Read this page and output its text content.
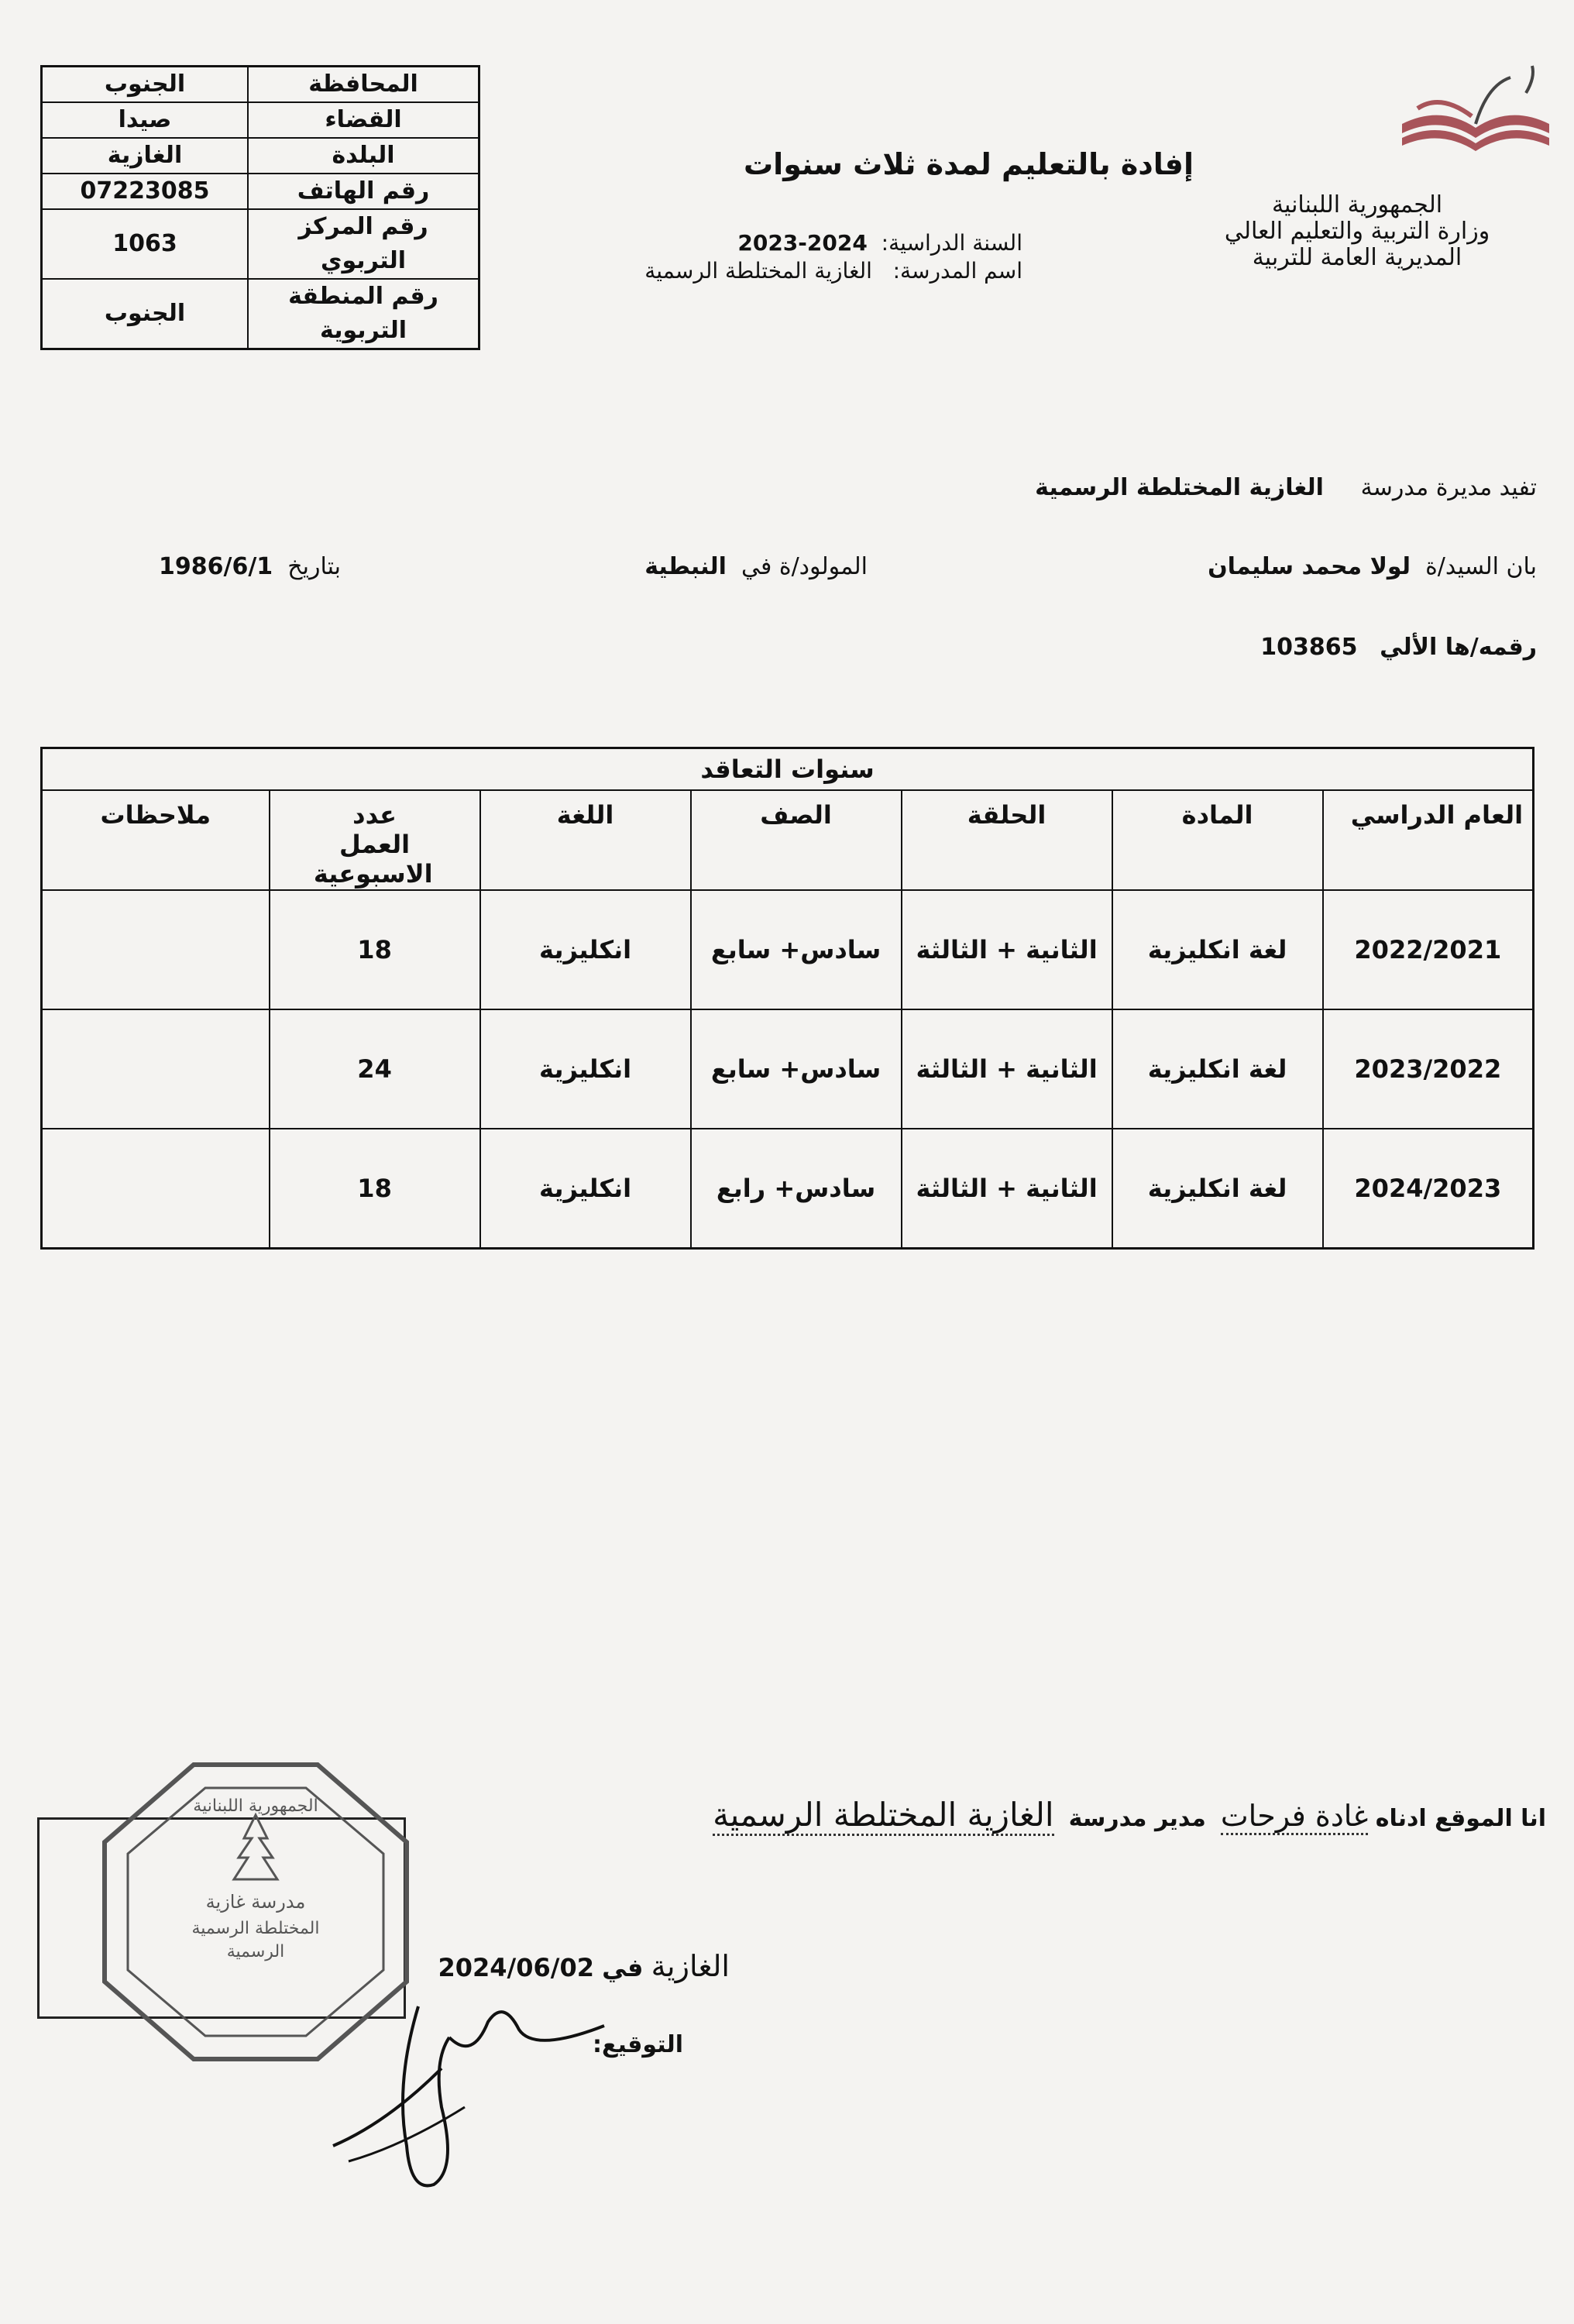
الجمهورية اللبنانية
وزارة التربية والتعليم العالي
المديرية العامة للتربية
إفادة بالتعليم لمدة ثلاث سنوات
السنة الدراسية:  2024-2023
اسم المدرسة:   الغازية المختلطة الرسمية
المحافظة	الجنوب
القضاء	صيدا
البلدة	الغازية
رقم الهاتف	07223085
رقم المركز التربوي	1063
رقم المنطقة التربوية	الجنوب
تفيد مديرة مدرسة     الغازية المختلطة الرسمية
بان السيد/ة  لولا محمد سليمان
المولود/ة في  النبطية
بتاريخ  1986/6/1
رقمه/ها الألي   103865
سنوات التعاقد						
العام الدراسي	المادة	الحلقة	الصف	اللغة	عدد العمل الاسبوعية	ملاحظات
2022/2021	لغة انكليزية	الثانية + الثالثة	سادس+ سابع	انكليزية	18	
2023/2022	لغة انكليزية	الثانية + الثالثة	سادس+ سابع	انكليزية	24	
2024/2023	لغة انكليزية	الثانية + الثالثة	سادس+ رابع	انكليزية	18	
انا الموقع ادناه غادة فرحات  مدير مدرسة  الغازية المختلطة الرسمية
الغازية في 2024/06/02
التوقيع:
مدرسة غازية
المختلطة الرسمية
الرسمية
الجمهورية اللبنانية
